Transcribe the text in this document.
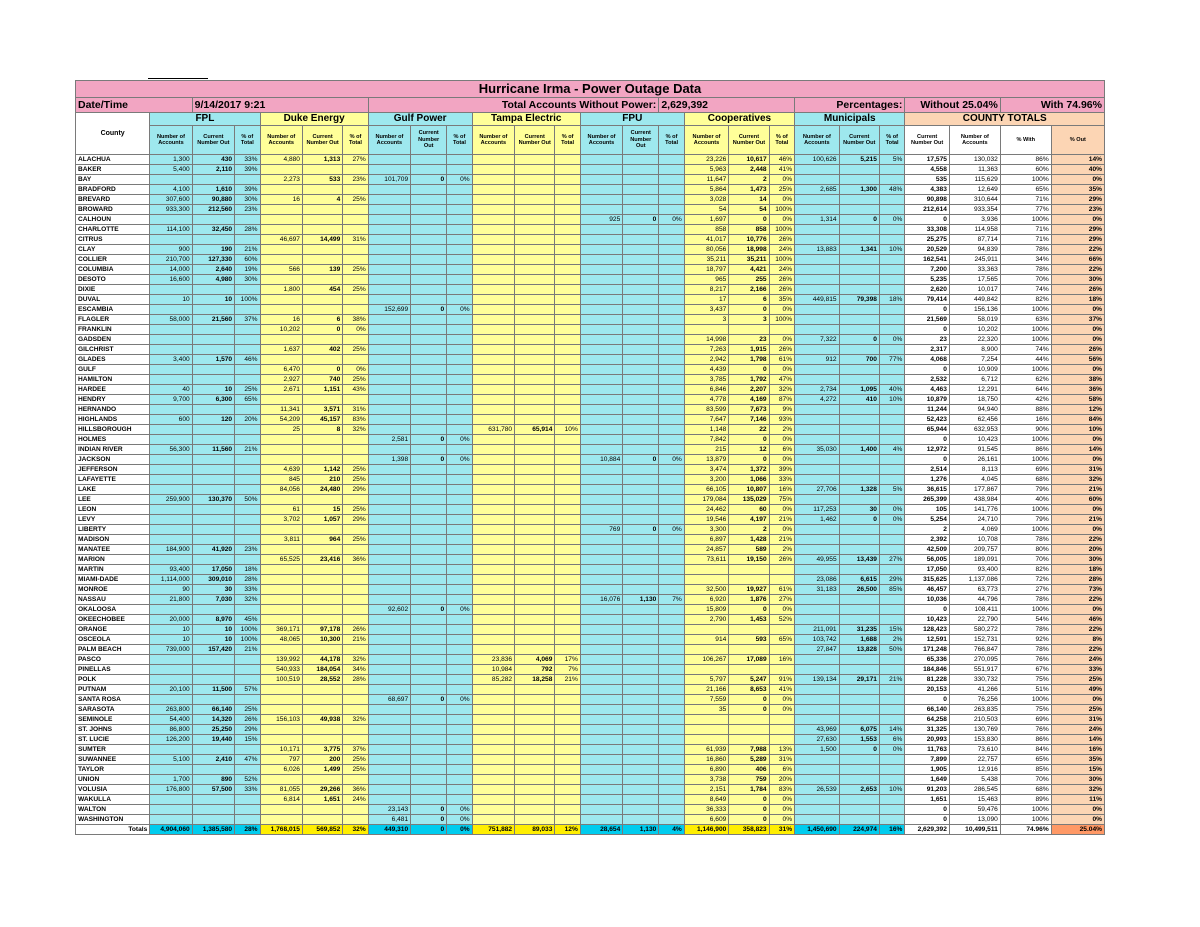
Hurricane Irma - Power Outage Data																									
Date/Time		9/14/2017 9:21					Total Accounts Without Power:								2,629,392				Percentages:			Without 25.04%		With 74.96%	
County	FPL			Duke Energy			Gulf Power			Tampa Electric			FPU			Cooperatives			Municipals			COUNTY TOTALS			
	Number of Accounts	Current Number Out	% of Total	Number of Accounts	Current Number Out	% of Total	Number of Accounts	Current Number Out	% of Total	Number of Accounts	Current Number Out	% of Total	Number of Accounts	Current Number Out	% of Total	Number of Accounts	Current Number Out	% of Total	Number of Accounts	Current Number Out	% of Total	Current Number Out	Number of Accounts	% With	% Out
ALACHUA	1,300	430	33%	4,880	1,313	27%										23,226	10,617	46%	100,626	5,215	5%	17,575	130,032	86%	14%
BAKER	5,400	2,110	39%													5,963	2,448	41%				4,558	11,363	60%	40%
BAY				2,273	533	23%	101,709	0	0%							11,647	2	0%				535	115,629	100%	0%
BRADFORD	4,100	1,610	39%													5,864	1,473	25%	2,685	1,300	48%	4,383	12,649	65%	35%
BREVARD	307,600	90,880	30%	16	4	25%										3,028	14	0%				90,898	310,644	71%	29%
BROWARD	933,300	212,560	23%													54	54	100%				212,614	933,354	77%	23%
CALHOUN													925	0	0%	1,697	0	0%	1,314	0	0%	0	3,936	100%	0%
CHARLOTTE	114,100	32,450	28%													858	858	100%				33,308	114,958	71%	29%
CITRUS				46,697	14,499	31%										41,017	10,776	26%				25,275	87,714	71%	29%
CLAY	900	190	21%													80,056	18,998	24%	13,883	1,341	10%	20,529	94,839	78%	22%
COLLIER	210,700	127,330	60%													35,211	35,211	100%				162,541	245,911	34%	66%
COLUMBIA	14,000	2,640	19%	566	139	25%										18,797	4,421	24%				7,200	33,363	78%	22%
DESOTO	16,600	4,980	30%													965	255	26%				5,235	17,565	70%	30%
DIXIE				1,800	454	25%										8,217	2,166	26%				2,620	10,017	74%	26%
DUVAL	10	10	100%													17	6	35%	449,815	79,398	18%	79,414	449,842	82%	18%
ESCAMBIA							152,699	0	0%							3,437	0	0%				0	156,136	100%	0%
FLAGLER	58,000	21,560	37%	16	6	38%										3	3	100%				21,569	58,019	63%	37%
FRANKLIN				10,202	0	0%																0	10,202	100%	0%
GADSDEN																14,998	23	0%	7,322	0	0%	23	22,320	100%	0%
GILCHRIST				1,637	402	25%										7,263	1,915	26%				2,317	8,900	74%	26%
GLADES	3,400	1,570	46%													2,942	1,798	61%	912	700	77%	4,068	7,254	44%	56%
GULF				6,470	0	0%										4,439	0	0%				0	10,909	100%	0%
HAMILTON				2,927	740	25%										3,785	1,792	47%				2,532	6,712	62%	38%
HARDEE	40	10	25%	2,671	1,151	43%										6,846	2,207	32%	2,734	1,095	40%	4,463	12,291	64%	36%
HENDRY	9,700	6,300	65%													4,778	4,169	87%	4,272	410	10%	10,879	18,750	42%	58%
HERNANDO				11,341	3,571	31%										83,599	7,673	9%				11,244	94,940	88%	12%
HIGHLANDS	600	120	20%	54,209	45,157	83%										7,647	7,146	93%				52,423	62,456	16%	84%
HILLSBOROUGH				25	8	32%				631,780	65,914	10%				1,148	22	2%				65,944	632,953	90%	10%
HOLMES							2,581	0	0%							7,842	0	0%				0	10,423	100%	0%
INDIAN RIVER	56,300	11,560	21%													215	12	6%	35,030	1,400	4%	12,972	91,545	86%	14%
JACKSON							1,398	0	0%				10,884	0	0%	13,879	0	0%				0	26,161	100%	0%
JEFFERSON				4,639	1,142	25%										3,474	1,372	39%				2,514	8,113	69%	31%
LAFAYETTE				845	210	25%										3,200	1,066	33%				1,276	4,045	68%	32%
LAKE				84,056	24,480	29%										66,105	10,807	16%	27,706	1,328	5%	36,615	177,867	79%	21%
LEE	259,900	130,370	50%													179,084	135,029	75%				265,399	438,984	40%	60%
LEON				61	15	25%										24,462	60	0%	117,253	30	0%	105	141,776	100%	0%
LEVY				3,702	1,057	29%										19,546	4,197	21%	1,462	0	0%	5,254	24,710	79%	21%
LIBERTY													769	0	0%	3,300	2	0%				2	4,069	100%	0%
MADISON				3,811	964	25%										6,897	1,428	21%				2,392	10,708	78%	22%
MANATEE	184,900	41,920	23%													24,857	589	2%				42,509	209,757	80%	20%
MARION				65,525	23,416	36%										73,611	19,150	26%	49,955	13,439	27%	56,005	189,091	70%	30%
MARTIN	93,400	17,050	18%																			17,050	93,400	82%	18%
MIAMI-DADE	1,114,000	309,010	28%																23,086	6,615	29%	315,625	1,137,086	72%	28%
MONROE	90	30	33%													32,500	19,927	61%	31,183	26,500	85%	46,457	63,773	27%	73%
NASSAU	21,800	7,030	32%										16,076	1,130	7%	6,920	1,876	27%				10,036	44,796	78%	22%
OKALOOSA							92,602	0	0%							15,809	0	0%				0	108,411	100%	0%
OKEECHOBEE	20,000	8,970	45%													2,790	1,453	52%				10,423	22,790	54%	46%
ORANGE	10	10	100%	369,171	97,178	26%													211,091	31,235	15%	128,423	580,272	78%	22%
OSCEOLA	10	10	100%	48,065	10,300	21%										914	593	65%	103,742	1,688	2%	12,591	152,731	92%	8%
PALM BEACH	739,000	157,420	21%																27,847	13,828	50%	171,248	766,847	78%	22%
PASCO				139,992	44,178	32%				23,836	4,069	17%				106,267	17,089	16%				65,336	270,095	76%	24%
PINELLAS				540,933	184,054	34%				10,984	792	7%										184,846	551,917	67%	33%
POLK				100,519	28,552	28%				85,282	18,258	21%				5,797	5,247	91%	139,134	29,171	21%	81,228	330,732	75%	25%
PUTNAM	20,100	11,500	57%													21,166	8,653	41%				20,153	41,266	51%	49%
SANTA ROSA							68,697	0	0%							7,559	0	0%				0	76,256	100%	0%
SARASOTA	263,800	66,140	25%													35	0	0%				66,140	263,835	75%	25%
SEMINOLE	54,400	14,320	26%	156,103	49,938	32%																64,258	210,503	69%	31%
ST. JOHNS	86,800	25,250	29%																43,969	6,075	14%	31,325	130,769	76%	24%
ST. LUCIE	126,200	19,440	15%																27,630	1,553	6%	20,993	153,830	86%	14%
SUMTER				10,171	3,775	37%										61,939	7,988	13%	1,500	0	0%	11,763	73,610	84%	16%
SUWANNEE	5,100	2,410	47%	797	200	25%										16,860	5,289	31%				7,899	22,757	65%	35%
TAYLOR				6,026	1,499	25%										6,890	406	6%				1,905	12,916	85%	15%
UNION	1,700	890	52%													3,738	759	20%				1,649	5,438	70%	30%
VOLUSIA	176,800	57,500	33%	81,055	29,266	36%										2,151	1,784	83%	26,539	2,653	10%	91,203	286,545	68%	32%
WAKULLA				6,814	1,651	24%										8,649	0	0%				1,651	15,463	89%	11%
WALTON							23,143	0	0%							36,333	0	0%				0	59,476	100%	0%
WASHINGTON							6,481	0	0%							6,609	0	0%				0	13,090	100%	0%
Totals	4,904,060	1,385,580	28%	1,768,015	569,852	32%	449,310	0	0%	751,882	89,033	12%	28,654	1,130	4%	1,146,900	358,823	31%	1,450,690	224,974	16%	2,629,392	10,499,511	74.96%	25.04%
